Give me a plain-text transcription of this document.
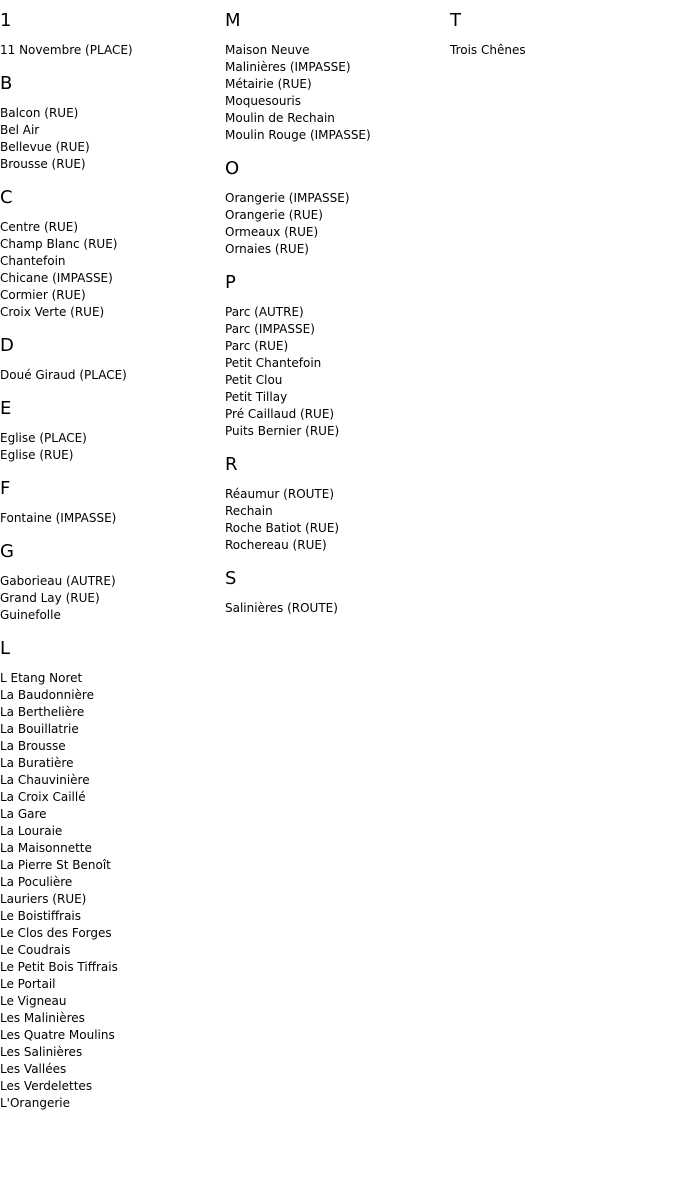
1
11 Novembre (PLACE)
B
Balcon (RUE)
Bel Air
Bellevue (RUE)
Brousse (RUE)
C
Centre (RUE)
Champ Blanc (RUE)
Chantefoin
Chicane (IMPASSE)
Cormier (RUE)
Croix Verte (RUE)
D
Doué Giraud (PLACE)
E
Eglise (PLACE)
Eglise (RUE)
F
Fontaine (IMPASSE)
G
Gaborieau (AUTRE)
Grand Lay (RUE)
Guinefolle
L
L Etang Noret
La Baudonnière
La Berthelière
La Bouillatrie
La Brousse
La Buratière
La Chauvinière
La Croix Caillé
La Gare
La Louraie
La Maisonnette
La Pierre St Benoît
La Poculière
Lauriers (RUE)
Le Boistiffrais
Le Clos des Forges
Le Coudrais
Le Petit Bois Tiffrais
Le Portail
Le Vigneau
Les Malinières
Les Quatre Moulins
Les Salinières
Les Vallées
Les Verdelettes
L'Orangerie
M
Maison Neuve
Malinières (IMPASSE)
Métairie (RUE)
Moquesouris
Moulin de Rechain
Moulin Rouge (IMPASSE)
O
Orangerie (IMPASSE)
Orangerie (RUE)
Ormeaux (RUE)
Ornaies (RUE)
P
Parc (AUTRE)
Parc (IMPASSE)
Parc (RUE)
Petit Chantefoin
Petit Clou
Petit Tillay
Pré Caillaud (RUE)
Puits Bernier (RUE)
R
Réaumur (ROUTE)
Rechain
Roche Batiot (RUE)
Rochereau (RUE)
S
Salinières (ROUTE)
T
Trois Chênes
